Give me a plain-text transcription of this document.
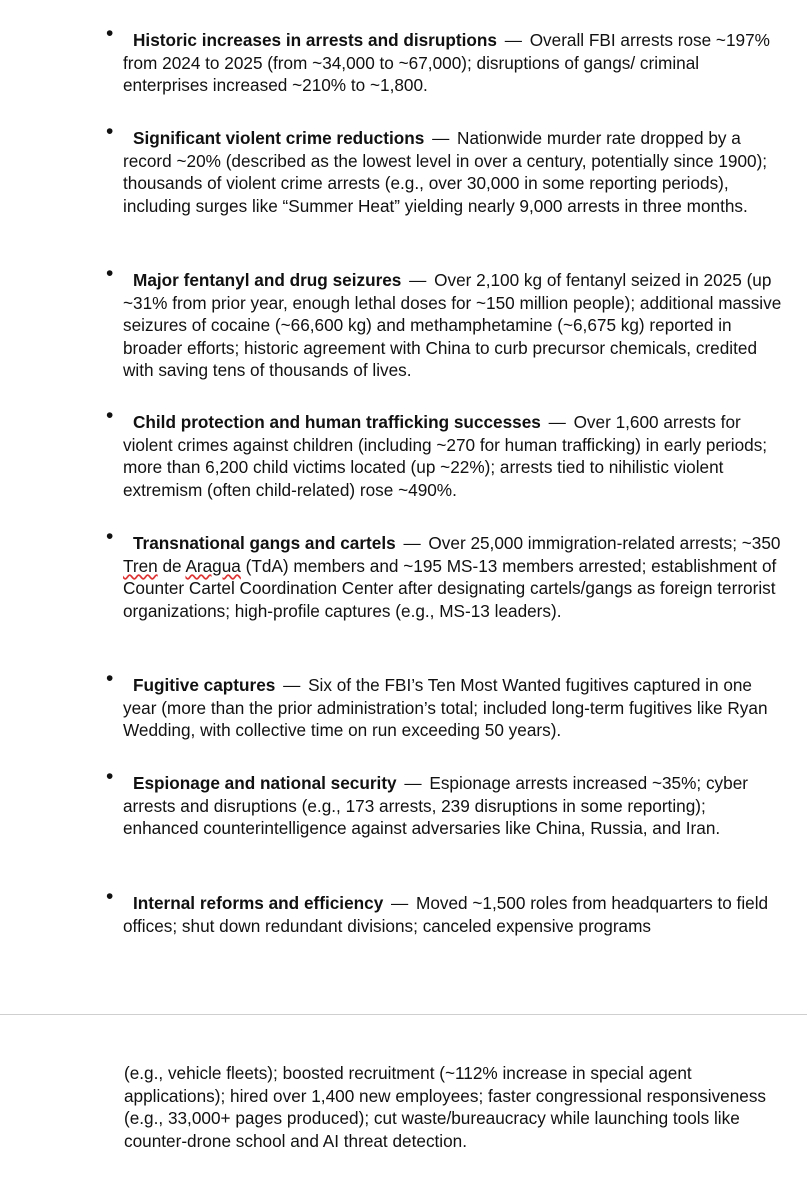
• Historic increases in arrests and disruptions — Overall FBI arrests rose ~197% from 2024 to 2025 (from ~34,000 to ~67,000); disruptions of gangs/ criminal enterprises increased ~210% to ~1,800.

• Significant violent crime reductions — Nationwide murder rate dropped by a record ~20% (described as the lowest level in over a century, potentially since 1900); thousands of violent crime arrests (e.g., over 30,000 in some reporting periods), including surges like “Summer Heat” yielding nearly 9,000 arrests in three months.

• Major fentanyl and drug seizures — Over 2,100 kg of fentanyl seized in 2025 (up ~31% from prior year, enough lethal doses for ~150 million people); additional massive seizures of cocaine (~66,600 kg) and methamphetamine (~6,675 kg) reported in broader efforts; historic agreement with China to curb precursor chemicals, credited with saving tens of thousands of lives.

• Child protection and human trafficking successes — Over 1,600 arrests for violent crimes against children (including ~270 for human trafficking) in early periods; more than 6,200 child victims located (up ~22%); arrests tied to nihilistic violent extremism (often child-related) rose ~490%.

• Transnational gangs and cartels — Over 25,000 immigration-related arrests; ~350 Tren de Aragua (TdA) members and ~195 MS-13 members arrested; establishment of Counter Cartel Coordination Center after designating cartels/gangs as foreign terrorist organizations; high-profile captures (e.g., MS-13 leaders).

• Fugitive captures — Six of the FBI’s Ten Most Wanted fugitives captured in one year (more than the prior administration’s total; included long-term fugitives like Ryan Wedding, with collective time on run exceeding 50 years).

• Espionage and national security — Espionage arrests increased ~35%; cyber arrests and disruptions (e.g., 173 arrests, 239 disruptions in some reporting); enhanced counterintelligence against adversaries like China, Russia, and Iran.

• Internal reforms and efficiency — Moved ~1,500 roles from headquarters to field offices; shut down redundant divisions; canceled expensive programs

(e.g., vehicle fleets); boosted recruitment (~112% increase in special agent applications); hired over 1,400 new employees; faster congressional responsiveness (e.g., 33,000+ pages produced); cut waste/bureaucracy while launching tools like counter-drone school and AI threat detection.
